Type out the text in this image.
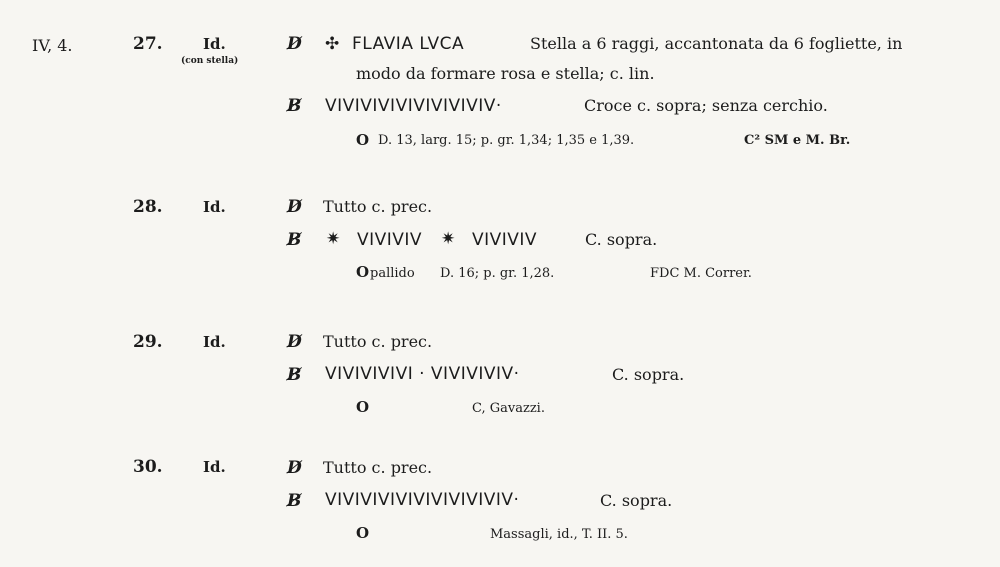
IV, 4.	27.	Id.
(con stella)
D̸ ✣ FLAVIA LVCA	Stella a 6 raggi, accantonata da 6 fogliette, in
modo da formare rosa e stella; c. lin.
B̸ VIVIVIVIVIVIVIVIVIV·	Croce c. sopra; senza cerchio.
O D. 13, larg. 15; p. gr. 1,34; 1,35 e 1,39.	C² SM e M. Br.
28.	Id.	D̸ Tutto c. prec.
B̸ ✷ VIVIVIV ✷ VIVIVIV	C. sopra.
O pallido D. 16; p. gr. 1,28.	FDC M. Correr.
29.	Id.	D̸ Tutto c. prec.
B̸ VIVIVIVIVI · VIVIVIVIV·	C. sopra.
O	C, Gavazzi.
30.	Id.	D̸ Tutto c. prec.
B̸ VIVIVIVIVIVIVIVIVIVIV·	C. sopra.
O	Massagli, id., T. II. 5.
